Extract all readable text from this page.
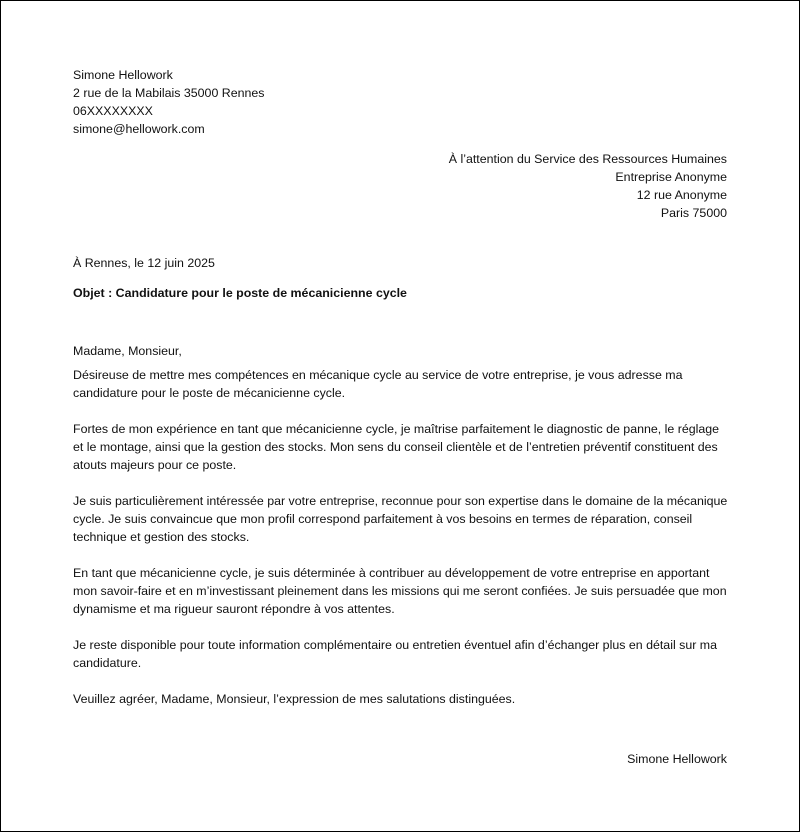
Simone Hellowork
2 rue de la Mabilais 35000 Rennes
06XXXXXXXX
simone@hellowork.com
À l’attention du Service des Ressources Humaines
Entreprise Anonyme
12 rue Anonyme
Paris 75000
À Rennes, le 12 juin 2025
Objet : Candidature pour le poste de mécanicienne cycle

Madame, Monsieur,

Désireuse de mettre mes compétences en mécanique cycle au service de votre entreprise, je vous adresse ma candidature pour le poste de mécanicienne cycle.

Fortes de mon expérience en tant que mécanicienne cycle, je maîtrise parfaitement le diagnostic de panne, le réglage et le montage, ainsi que la gestion des stocks. Mon sens du conseil clientèle et de l’entretien préventif constituent des atouts majeurs pour ce poste.

Je suis particulièrement intéressée par votre entreprise, reconnue pour son expertise dans le domaine de la mécanique cycle. Je suis convaincue que mon profil correspond parfaitement à vos besoins en termes de réparation, conseil technique et gestion des stocks.

En tant que mécanicienne cycle, je suis déterminée à contribuer au développement de votre entreprise en apportant mon savoir-faire et en m’investissant pleinement dans les missions qui me seront confiées. Je suis persuadée que mon dynamisme et ma rigueur sauront répondre à vos attentes.

Je reste disponible pour toute information complémentaire ou entretien éventuel afin d’échanger plus en détail sur ma candidature.

Veuillez agréer, Madame, Monsieur, l’expression de mes salutations distinguées.

Simone Hellowork
